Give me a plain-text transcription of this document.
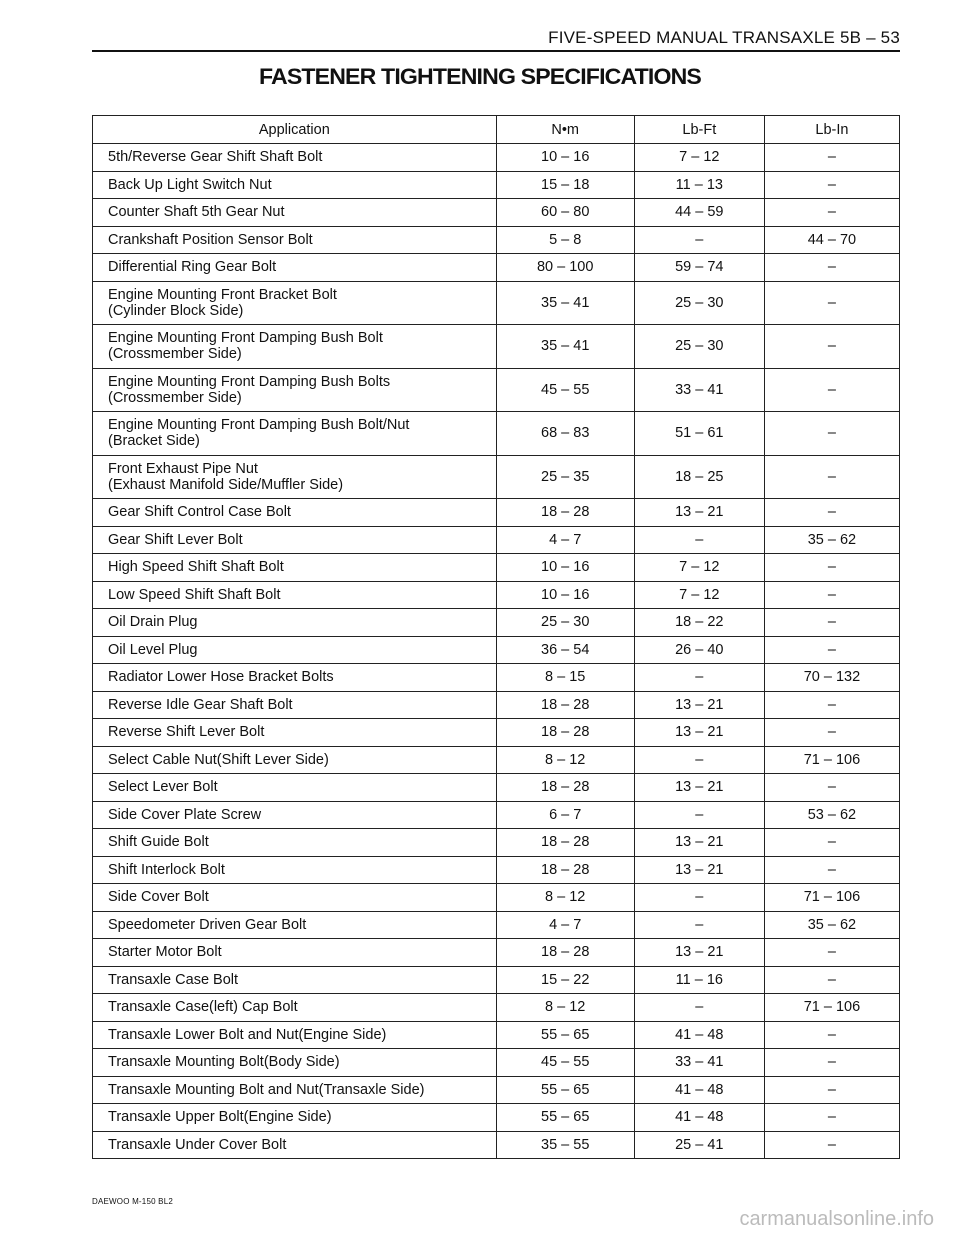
FIVE-SPEED MANUAL TRANSAXLE 5B – 53
FASTENER TIGHTENING SPECIFICATIONS
Application	N•m	Lb-Ft	Lb-In
5th/Reverse Gear Shift Shaft Bolt	10 – 16	7 – 12	–
Back Up Light Switch Nut	15 – 18	11 – 13	–
Counter Shaft 5th Gear Nut	60 – 80	44 – 59	–
Crankshaft Position Sensor Bolt	5 – 8	–	44 – 70
Differential Ring Gear Bolt	80 – 100	59 – 74	–
Engine Mounting Front Bracket Bolt
(Cylinder Block Side)	35 – 41	25 – 30	–
Engine Mounting Front Damping Bush Bolt
(Crossmember Side)	35 – 41	25 – 30	–
Engine Mounting Front Damping Bush Bolts
(Crossmember Side)	45 – 55	33 – 41	–
Engine Mounting Front Damping Bush Bolt/Nut
(Bracket Side)	68 – 83	51 – 61	–
Front Exhaust Pipe Nut
(Exhaust Manifold Side/Muffler Side)	25 – 35	18 – 25	–
Gear Shift Control Case Bolt	18 – 28	13 – 21	–
Gear Shift Lever Bolt	4 – 7	–	35 – 62
High Speed Shift Shaft Bolt	10 – 16	7 – 12	–
Low Speed Shift Shaft Bolt	10 – 16	7 – 12	–
Oil Drain Plug	25 – 30	18 – 22	–
Oil Level Plug	36 – 54	26 – 40	–
Radiator Lower Hose Bracket Bolts	8 – 15	–	70 – 132
Reverse Idle Gear Shaft Bolt	18 – 28	13 – 21	–
Reverse Shift Lever Bolt	18 – 28	13 – 21	–
Select Cable Nut(Shift Lever Side)	8 – 12	–	71 – 106
Select Lever Bolt	18 – 28	13 – 21	–
Side Cover Plate Screw	6 – 7	–	53 – 62
Shift Guide Bolt	18 – 28	13 – 21	–
Shift Interlock Bolt	18 – 28	13 – 21	–
Side Cover Bolt	8 – 12	–	71 – 106
Speedometer Driven Gear Bolt	4 – 7	–	35 – 62
Starter Motor Bolt	18 – 28	13 – 21	–
Transaxle Case Bolt	15 – 22	11 – 16	–
Transaxle Case(left) Cap Bolt	8 – 12	–	71 – 106
Transaxle Lower Bolt and Nut(Engine Side)	55 – 65	41 – 48	–
Transaxle Mounting Bolt(Body Side)	45 – 55	33 – 41	–
Transaxle Mounting Bolt and Nut(Transaxle Side)	55 – 65	41 – 48	–
Transaxle Upper Bolt(Engine Side)	55 – 65	41 – 48	–
Transaxle Under Cover Bolt	35 – 55	25 – 41	–
DAEWOO M-150 BL2
carmanualsonline.info
